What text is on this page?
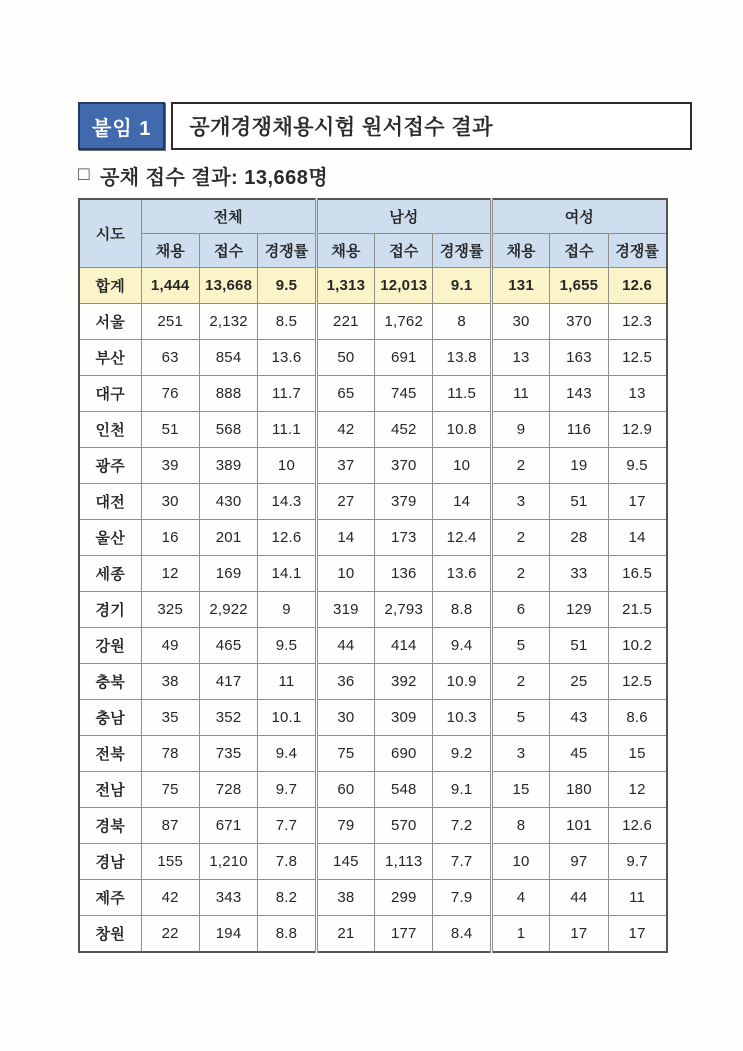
붙임 1	공개경쟁채용시험 원서접수 결과
□ 공채 접수 결과: 13,668명
시도	전체			남성			여성		
	채용	접수	경쟁률	채용	접수	경쟁률	채용	접수	경쟁률
합계	1,444	13,668	9.5	1,313	12,013	9.1	131	1,655	12.6
서울	251	2,132	8.5	221	1,762	8	30	370	12.3
부산	63	854	13.6	50	691	13.8	13	163	12.5
대구	76	888	11.7	65	745	11.5	11	143	13
인천	51	568	11.1	42	452	10.8	9	116	12.9
광주	39	389	10	37	370	10	2	19	9.5
대전	30	430	14.3	27	379	14	3	51	17
울산	16	201	12.6	14	173	12.4	2	28	14
세종	12	169	14.1	10	136	13.6	2	33	16.5
경기	325	2,922	9	319	2,793	8.8	6	129	21.5
강원	49	465	9.5	44	414	9.4	5	51	10.2
충북	38	417	11	36	392	10.9	2	25	12.5
충남	35	352	10.1	30	309	10.3	5	43	8.6
전북	78	735	9.4	75	690	9.2	3	45	15
전남	75	728	9.7	60	548	9.1	15	180	12
경북	87	671	7.7	79	570	7.2	8	101	12.6
경남	155	1,210	7.8	145	1,113	7.7	10	97	9.7
제주	42	343	8.2	38	299	7.9	4	44	11
창원	22	194	8.8	21	177	8.4	1	17	17
